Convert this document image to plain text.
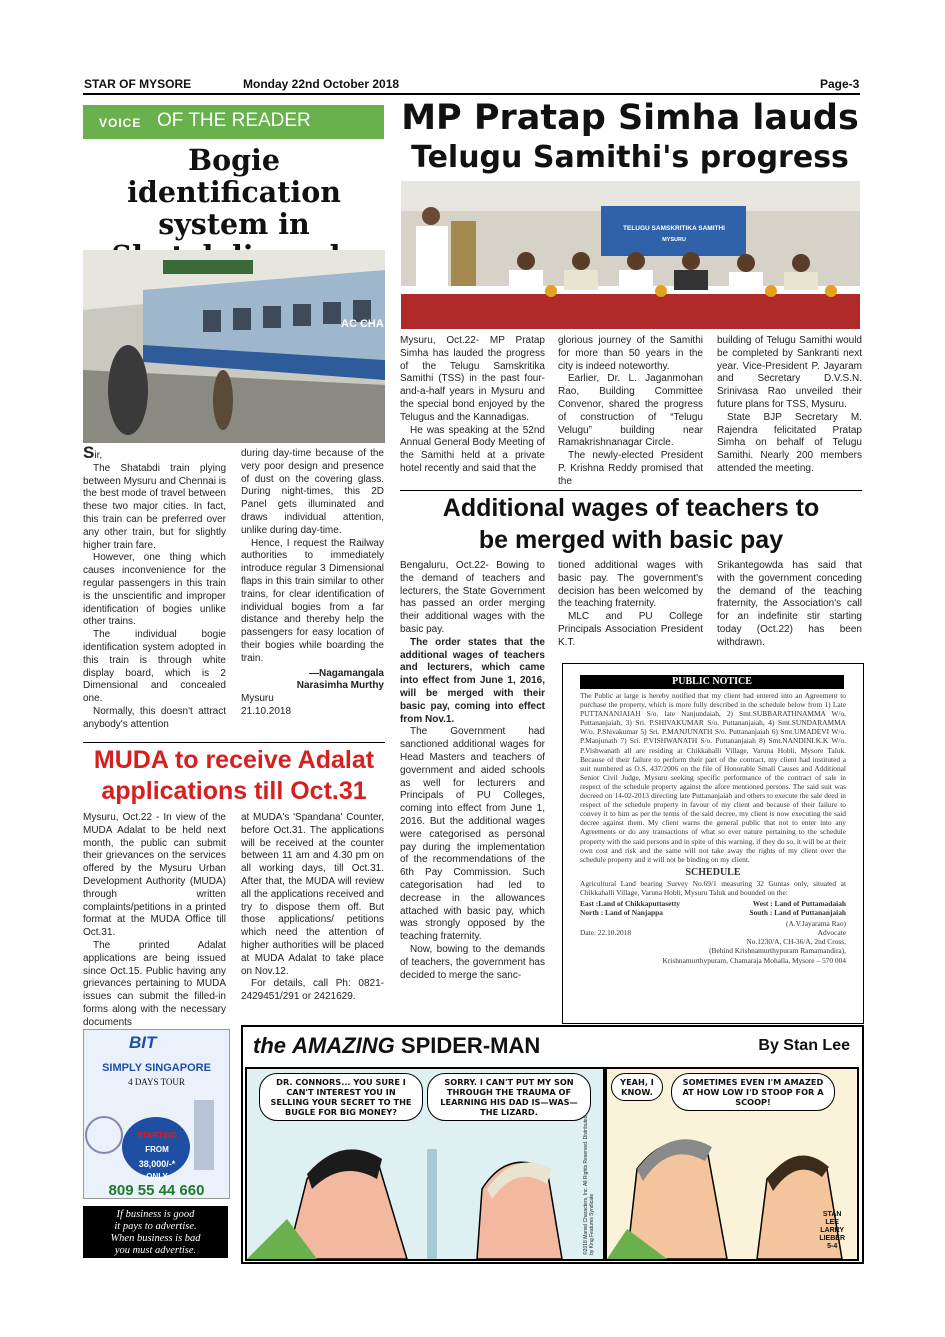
STAR OF MYSORE	Monday 22nd October 2018	Page-3
VOICE OF THE READER
Bogie identification system in
AC CHA

Sir,

The Shatabdi train plying between Mysuru and Chennai is the best mode of travel between these two major cities. In fact, this train can be preferred over any other train, but for slightly higher train fare.

However, one thing which causes inconvenience for the regular passengers in this train is the unscientific and improper identification of bogies unlike other trains.

The individual bogie identification system adopted in this train is through white display board, which is 2 Dimensional and concealed one.

Normally, this doesn't attract anybody's attention

during day-time because of the very poor design and presence of dust on the covering glass. During night-times, this 2D Panel gets illuminated and draws individual attention, unlike during day-time.

Hence, I request the Railway authorities to immediately introduce regular 3 Dimensional flaps in this train similar to other trains, for clear identification of individual bogies from a far distance and thereby help the passengers for easy location of their bogies while boarding the train.

—Nagamangala

Narasimha Murthy

Mysuru

21.10.2018

MUDA to receive Adalat applications till Oct.31

Mysuru, Oct.22 - In view of the MUDA Adalat to be held next month, the public can submit their grievances on the services offered by the Mysuru Urban Development Authority (MUDA) through written complaints/petitions in a printed format at the MUDA Office till Oct.31.

The printed Adalat applications are being issued since Oct.15. Public having any grievances pertaining to MUDA issues can submit the filled-in forms along with the necessary documents

at MUDA's 'Spandana' Counter, before Oct.31. The applications will be received at the counter between 11 am and 4.30 pm on all working days, till Oct.31. After that, the MUDA will review all the applications received and try to dispose them off. But those applications/ petitions which need the attention of higher authorities will be placed at MUDA Adalat to take place on Nov.12.

For details, call Ph: 0821-2429451/291 or 2421629.

MP Pratap Simha lauds
Telugu Samithi's progress
TELUGU SAMSKRITIKA SAMITHI
MYSURU

Mysuru, Oct.22- MP Pratap Simha has lauded the progress of the Telugu Samskritika Samithi (TSS) in the past four-and-a-half years in Mysuru and the special bond enjoyed by the Telugus and the Kannadigas.

He was speaking at the 52nd Annual General Body Meeting of the Samithi held at a private hotel recently and said that the

glorious journey of the Samithi for more than 50 years in the city is indeed noteworthy.

Earlier, Dr. L. Jaganmohan Rao, Building Committee Convenor, shared the progress of construction of “Telugu Velugu” building near Ramakrishnanagar Circle.

The newly-elected President P. Krishna Reddy promised that the

building of Telugu Samithi would be completed by Sankranti next year. Vice-President P. Jayaram and Secretary D.V.S.N. Srinivasa Rao unveiled their future plans for TSS, Mysuru.

State BJP Secretary M. Rajendra felicitated Pratap Simha on behalf of Telugu Samithi. Nearly 200 members attended the meeting.

Additional wages of teachers to
be merged with basic pay

Bengaluru, Oct.22- Bowing to the demand of teachers and lecturers, the State Government has passed an order merging their additional wages with the basic pay.

The order states that the additional wages of teachers and lecturers, which came into effect from June 1, 2016, will be merged with their basic pay, coming into effect from Nov.1.

The Government had sanctioned additional wages for Head Masters and teachers of government and aided schools as well for lecturers and Principals of PU Colleges, coming into effect from June 1, 2016. But the additional wages were categorised as personal pay during the implementation of the recommendations of the 6th Pay Commission. Such categorisation had led to decrease in the allowances attached with basic pay, which was strongly opposed by the teaching fraternity.

Now, bowing to the demands of teachers, the government has decided to merge the sanc-

tioned additional wages with basic pay. The government's decision has been welcomed by the teaching fraternity.

MLC and PU College Principals Association President K.T.

Srikantegowda has said that with the government conceding the demand of the teaching fraternity, the Association's call for an indefinite stir starting today (Oct.22) has been withdrawn.

PUBLIC NOTICE
The Public at large is hereby notified that my client had entered into an Agreement to purchase the property, which is more fully described in the schedule below from 1) Late PUTTANANJAIAH S/o. late Nanjundaiah, 2) Smt.SUBBARATHNAMMA W/o. Puttananjaiah, 3) Sri. P.SHIVAKUMAR S/o. Puttananjaiah, 4) Smt.SUNDARAMMA W/o. P.Shivakumar 5) Sri. P.MANJUNATH S/o. Puttananjaiah 6) Smt.UMADEVI W/o. P.Manjunath 7) Sri. P.VISHWANATH S/o. Puttananjaiah 8) Smt.NANDINI.K.K W/o. P.Vishwanath all are residing at Chikkahalli Village, Varuna Hobli, Mysore Taluk. Because of their failure to perform their part of the contract, my client had instituted a suit numbered as O.S. 437/2006 on the file of Honorable Small Causes and Additional Senior Civil Judge, Mysuru seeking specific performance of the contract of sale in respect of the schedule property against the afore mentioned persons. The said suit was decreed on 14-02-2013 directing late Puttananjaiah and others to execute the sale deed in respect of the schedule property in favour of my client and because of their failure to convey it to him as per the terms of the said decree, my client is now executing the said decree against them. My client warns the general public that not to enter into any Agreements or do any transactions of what so ever nature pertaining to the schedule property with the said persons and in spite of this warning, if they do so, it will be at their own cost and risk and the same will not take away the rights of my client over the schedule property and it will not be binding on my client.
SCHEDULE
Agricultural Land bearing Survey No.69/1 measuring 32 Guntas only, situated at Chikkahalli Village, Varuna Hobli, Mysuru Taluk and bounded on the:
East :Land of Chikkaputtasetty	West : Land of Puttamadaiah
North : Land of Nanjappa	South : Land of Puttananjaiah
(A.V.Jayarama Rao)
Date: 22.10.2018	Advocate
No.1230/A, CH-36/A, 2nd Cross,
(Behind Krishnamurthypuram Ramamandira),
Krishnamurthypuram, Chamaraja Mohalla, Mysore – 570 004
BIT
SIMPLY SINGAPORE
4 DAYS TOUR
STARTING
FROM
38,000/-*
ONLY
809 55 44 660
If business is good
it pays to advertise.
When business is bad
you must advertise.
the AMAZING SPIDER-MAN	By Stan Lee
DR. CONNORS... YOU SURE I CAN'T INTEREST YOU IN SELLING YOUR SECRET TO THE BUGLE FOR BIG MONEY?
SORRY. I CAN'T PUT MY SON THROUGH THE TRAUMA OF LEARNING HIS DAD IS—WAS—THE LIZARD.
©2018 Marvel Characters, Inc. All Rights Reserved. Distributed by King Features Syndicate
YEAH, I KNOW.
SOMETIMES EVEN I'M AMAZED AT HOW LOW I'D STOOP FOR A SCOOP!
STAN
LEE
LARRY
LIEBER
5-4
